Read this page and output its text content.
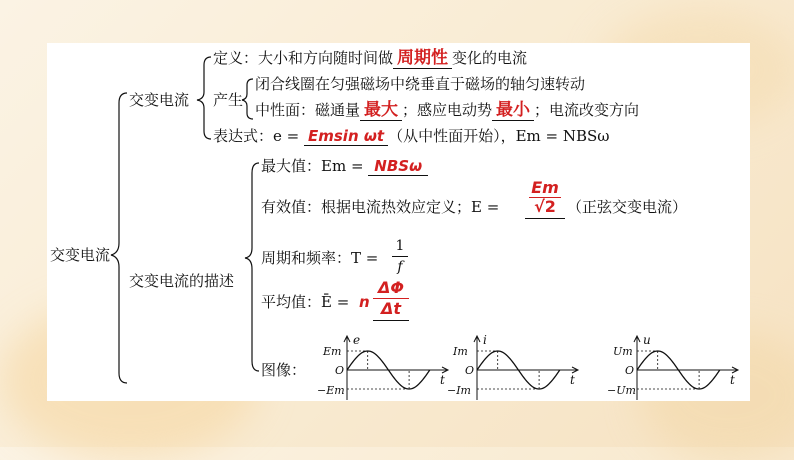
交变电流
交变电流
交变电流的描述
定义：大小和方向随时间做 周期性 变化的电流
产生
闭合线圈在匀强磁场中绕垂直于磁场的轴匀速转动
中性面：磁通量 最大 ；感应电动势 最小 ；电流改变方向
表达式：e = Emsin ωt （从中性面开始），Em = NBSω
最大值：Em = NBSω
有效值：根据电流热效应定义；E =
Em
√2 （正弦交变电流）
周期和频率：T =
1
f
平均值：Ē = n
ΔΦ
Δt
图像：
e
Em
O
−Em
t
i
Im
O
−Im
t
u
Um
O
−Um
t
